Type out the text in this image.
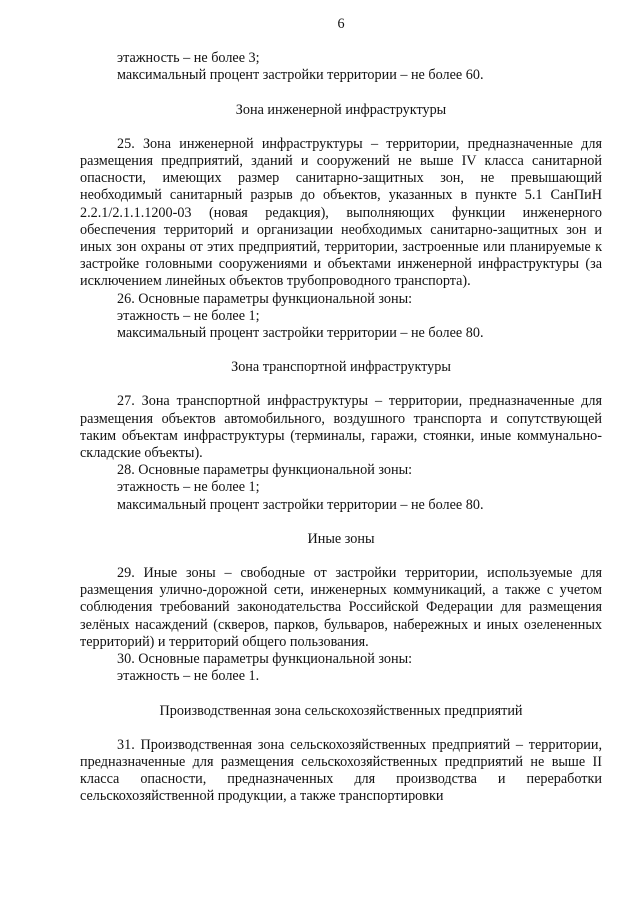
6

этажность – не более 3;

максимальный процент застройки территории – не более 60.

Зона инженерной инфраструктуры

25. Зона инженерной инфраструктуры – территории, предназначенные для размещения предприятий, зданий и сооружений не выше IV класса санитарной опасности, имеющих размер санитарно-защитных зон, не превышающий необходимый санитарный разрыв до объектов, указанных в пункте 5.1 СанПиН 2.2.1/2.1.1.1200-03 (новая редакция), выполняющих функции инженерного обеспечения территорий и организации необходимых санитарно-защитных зон и иных зон охраны от этих предприятий, территории, застроенные или планируемые к застройке головными сооружениями и объектами инженерной инфраструктуры (за исключением линейных объектов трубопроводного транспорта).

26. Основные параметры функциональной зоны:

этажность – не более 1;

максимальный процент застройки территории – не более 80.

Зона транспортной инфраструктуры

27. Зона транспортной инфраструктуры – территории, предназначенные для размещения объектов автомобильного, воздушного транспорта и сопутствующей таким объектам инфраструктуры (терминалы, гаражи, стоянки, иные коммунально-складские объекты).

28. Основные параметры функциональной зоны:

этажность – не более 1;

максимальный процент застройки территории – не более 80.

Иные зоны

29. Иные зоны – свободные от застройки территории, используемые для размещения улично-дорожной сети, инженерных коммуникаций, а также с учетом соблюдения требований законодательства Российской Федерации для размещения зелёных насаждений (скверов, парков, бульваров, набережных и иных озелененных территорий) и территорий общего пользования.

30. Основные параметры функциональной зоны:

этажность – не более 1.

Производственная зона сельскохозяйственных предприятий

31. Производственная зона сельскохозяйственных предприятий – территории, предназначенные для размещения сельскохозяйственных предприятий не выше II класса опасности, предназначенных для производства и переработки сельскохозяйственной продукции, а также транспортировки
